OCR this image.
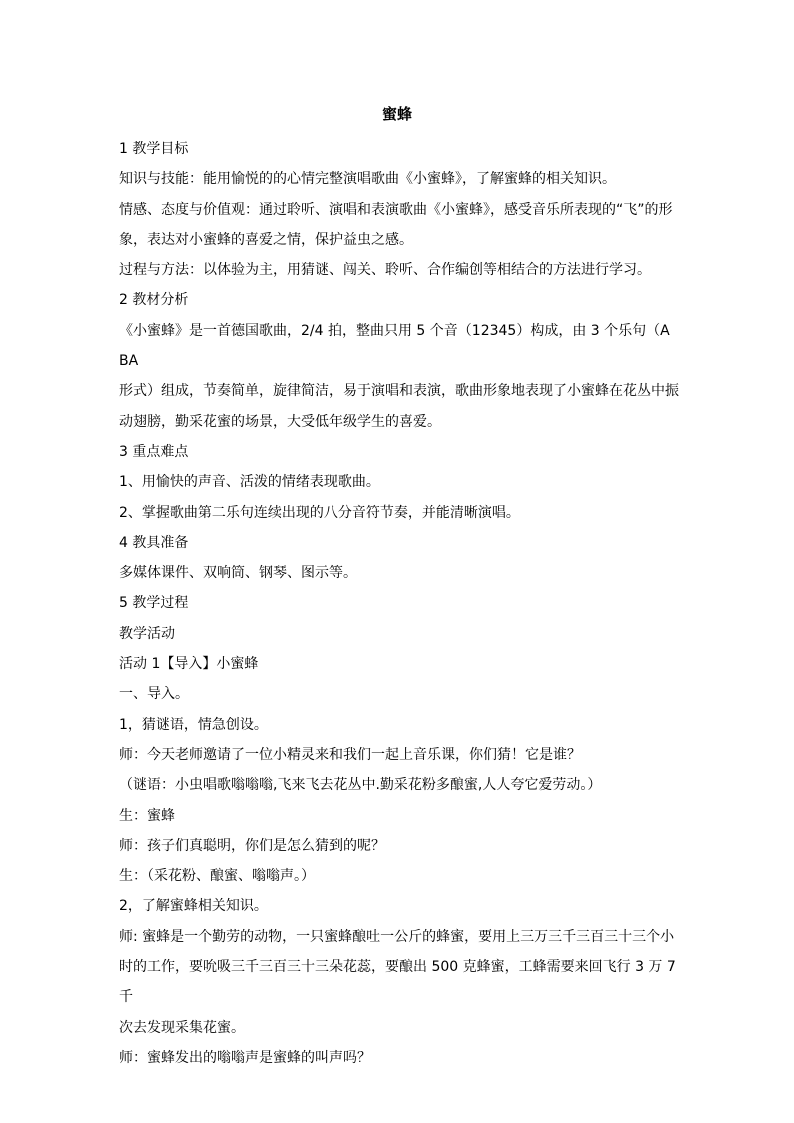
蜜蜂

1 教学目标

知识与技能：能用愉悦的的心情完整演唱歌曲《小蜜蜂》，了解蜜蜂的相关知识。

情感、态度与价值观：通过聆听、演唱和表演歌曲《小蜜蜂》，感受音乐所表现的“飞”的形

象，表达对小蜜蜂的喜爱之情，保护益虫之感。

过程与方法：以体验为主，用猜谜、闯关、聆听、合作编创等相结合的方法进行学习。

2 教材分析

《小蜜蜂》是一首德国歌曲，2/4 拍，整曲只用 5 个音（12345）构成，由 3 个乐句（ABA

形式）组成，节奏简单，旋律简洁，易于演唱和表演，歌曲形象地表现了小蜜蜂在花丛中振

动翅膀，勤采花蜜的场景，大受低年级学生的喜爱。

3 重点难点

1、用愉快的声音、活泼的情绪表现歌曲。

2、掌握歌曲第二乐句连续出现的八分音符节奏，并能清晰演唱。

4 教具准备

多媒体课件、双响筒、钢琴、图示等。

5 教学过程

教学活动

活动 1【导入】小蜜蜂

一、导入。

1，猜谜语，情急创设。

师：今天老师邀请了一位小精灵来和我们一起上音乐课，你们猜！它是谁？

（谜语：小虫唱歌嗡嗡嗡,飞来飞去花丛中.勤采花粉多酿蜜,人人夸它爱劳动。）

生：蜜蜂

师：孩子们真聪明，你们是怎么猜到的呢？

生：（采花粉、酿蜜、嗡嗡声。）

2，了解蜜蜂相关知识。

师: 蜜蜂是一个勤劳的动物，一只蜜蜂酿吐一公斤的蜂蜜，要用上三万三千三百三十三个小

时的工作，要吮吸三千三百三十三朵花蕊，要酿出 500 克蜂蜜，工蜂需要来回飞行 3 万 7 千

次去发现采集花蜜。

师：蜜蜂发出的嗡嗡声是蜜蜂的叫声吗？
